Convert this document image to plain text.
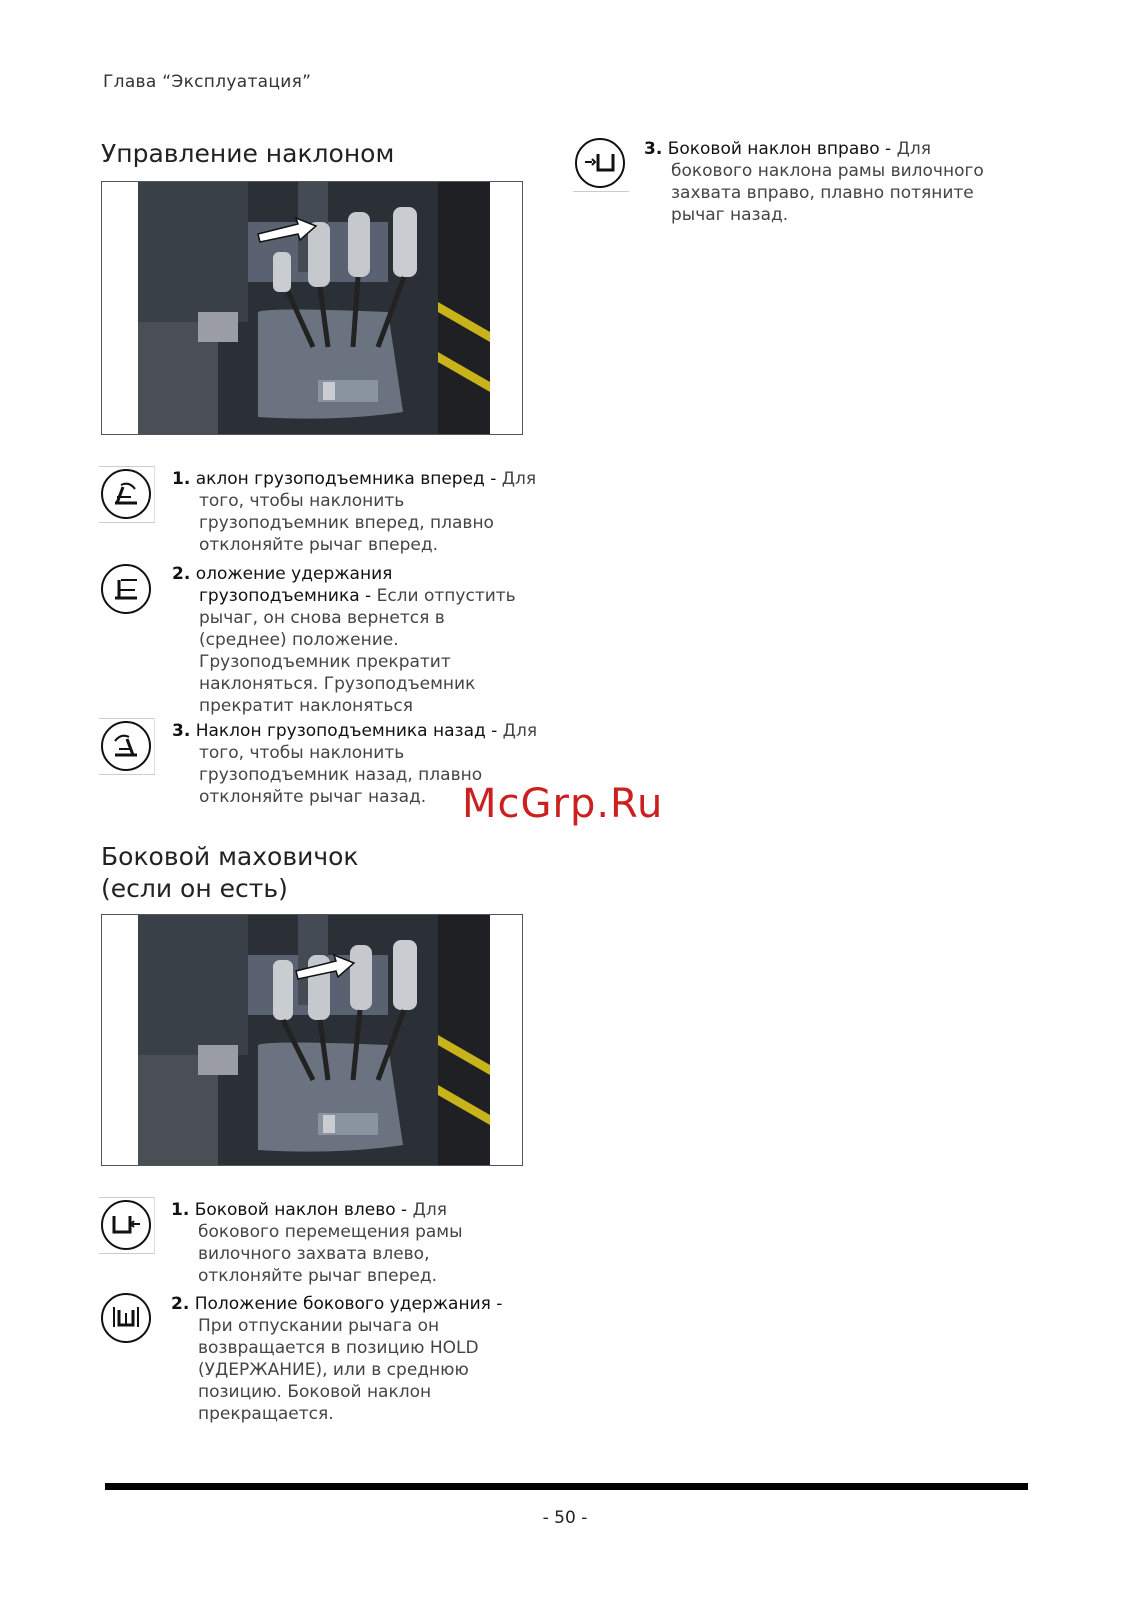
Глава “Эксплуатация”
Управление наклоном
1. аклон грузоподъемника вперед - Для
того, чтобы наклонить
грузоподъемник вперед, плавно
отклоняйте рычаг вперед.
2. оложение удержания
грузоподъемника - Если отпустить
рычаг, он снова вернется в
(среднее) положение.
Грузоподъемник прекратит
наклоняться. Грузоподъемник
прекратит наклоняться
3. Наклон грузоподъемника назад - Для
того, чтобы наклонить
грузоподъемник назад, плавно
отклоняйте рычаг назад.
Боковой маховичок
(если он есть)
1. Боковой наклон влево - Для
бокового перемещения рамы
вилочного захвата влево,
отклоняйте рычаг вперед.
2. Положение бокового удержания -
При отпускании рычага он
возвращается в позицию HOLD
(УДЕРЖАНИЕ), или в среднюю
позицию. Боковой наклон
прекращается.
3. Боковой наклон вправо - Для
бокового наклона рамы вилочного
захвата вправо, плавно потяните
рычаг назад.
McGrp.Ru
- 50 -
